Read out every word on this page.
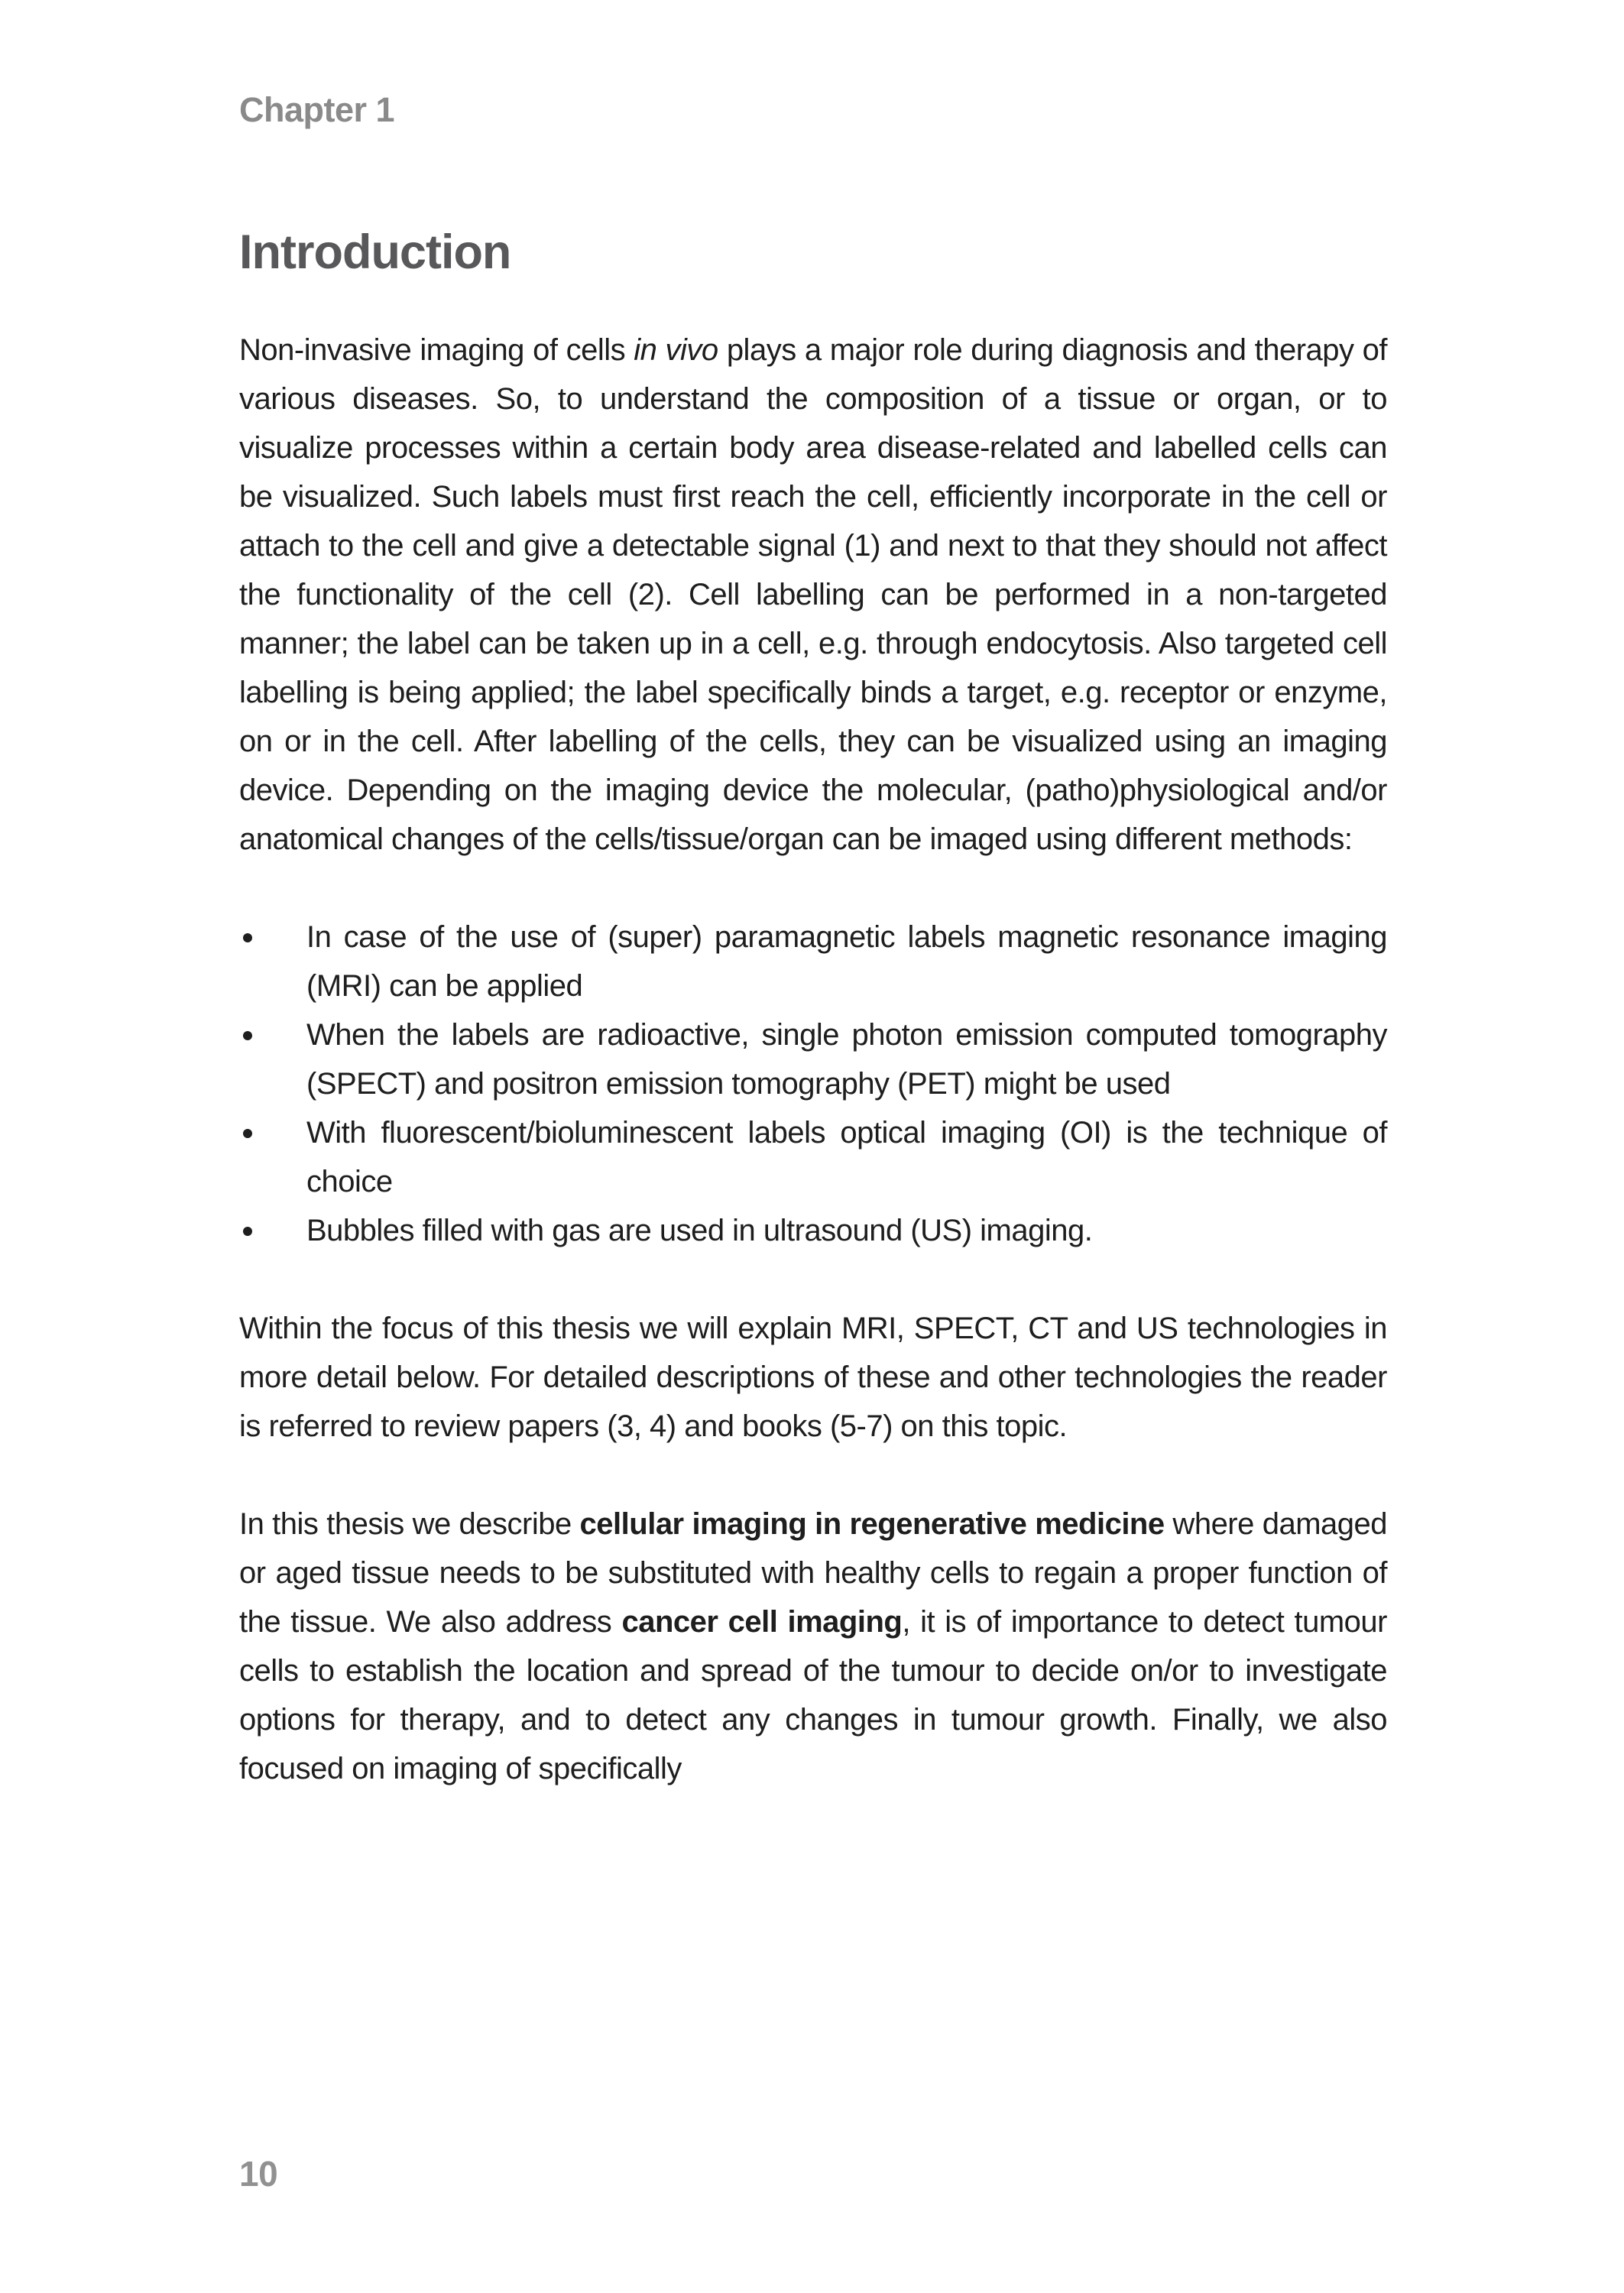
Chapter 1
Introduction

Non-invasive imaging of cells in vivo plays a major role during diagnosis and therapy of various diseases. So, to understand the composition of a tissue or organ, or to visualize processes within a certain body area disease-related and labelled cells can be visualized. Such labels must first reach the cell, efficiently incorporate in the cell or attach to the cell and give a detectable signal (1) and next to that they should not affect the functionality of the cell (2). Cell labelling can be performed in a non-targeted manner; the label can be taken up in a cell, e.g. through endocytosis. Also targeted cell labelling is being applied; the label specifically binds a target, e.g. receptor or enzyme, on or in the cell. After labelling of the cells, they can be visualized using an imaging device. Depending on the imaging device the molecular, (patho)physiological and/or anatomical changes of the cells/tissue/organ can be imaged using different methods:

In case of the use of (super) paramagnetic labels magnetic resonance imaging (MRI) can be applied
When the labels are radioactive, single photon emission computed tomography (SPECT) and positron emission tomography (PET) might be used
With fluorescent/bioluminescent labels optical imaging (OI) is the technique of choice
Bubbles filled with gas are used in ultrasound (US) imaging.

Within the focus of this thesis we will explain MRI, SPECT, CT and US technologies in more detail below. For detailed descriptions of these and other technologies the reader is referred to review papers (3, 4) and books (5-7) on this topic.

In this thesis we describe cellular imaging in regenerative medicine where damaged or aged tissue needs to be substituted with healthy cells to regain a proper function of the tissue. We also address cancer cell imaging, it is of importance to detect tumour cells to establish the location and spread of the tumour to decide on/or to investigate options for therapy, and to detect any changes in tumour growth. Finally, we also focused on imaging of specifically

10
